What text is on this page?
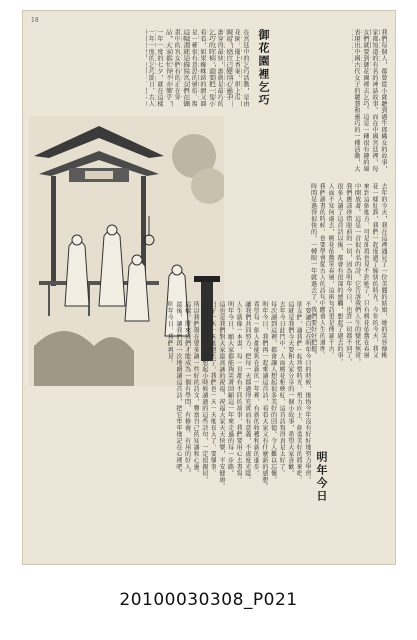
18
御花園裡乞巧	我們每個人，都曾從小就聽到過牛郎織女的故事，
家都知道的有名的神話故事。而在中國宮廷裡，每
女們就要到御花園裡去乞巧。這是一種很有趣的風
表現出中國古代女子的聰慧和靈巧的一種活動，大
在宮廷中的乞巧活動，是由
花園，擺上香案，供上瓜
賜福，使自己變得心靈手
誰穿得最快，誰就是最巧的
乞巧的時候，還要把一隻小
看看，如果蜘蛛結的網又圓
是一種很有意思的風俗。現
這幅畫就是描寫宮女們在御
畫中的宮女們有的正在穿
品，大家都忙得不亦樂乎，
一年一度的七夕，就在這樣
一年一度的乞巧節日，古人
明年今日
去年的今天，我在這裡遇見了一位美麗的姑娘，她的笑容像桃
花一樣紅潤，我們一起度過了愉快的時光。今年的今天，我又
來到這個地方，可是卻再也見不到她了，只有桃花依舊在春風
中開放著。這是一首很有名的詩，它告訴我們人生的變化無常。
我們應該珍惜眼前的一切，因為明年今日，也許一切都不同了。
很多人讀了這首詩以後，都會有很深的感觸，想起了過去的事。
人面不知何處去，桃花依舊笑春風，這兩句詩更是傳誦千古。
我們讀書的時候，也要學會從古人的詩句中體會人生的道理。
時間是過得很快的，一轉眼一年就過去了，我們要好好把握。
不要讓自己在明年今日的時候，後悔今年沒有好好地努力學習。
朋友們，讓我們一起珍惜時光，努力向上，創造美好的將來吧。
這就是我們今天要和大家分享的一個小故事，希望大家喜歡。
去年今日此門中，人面桃花相映紅，這首詩寫得真是太好了。
每次讀到這裡，都會讓人想起很多美好的回憶，令人難以忘懷。
明年今日，我們再一起來讀這首詩，看看大家又有什麼新的感想。
希望每一個人都能夠在新的一年裡，有新的收穫和新的進步。
讓我們共同努力，把每一天都過得充實而有意義，不虛度光陰。
人生就像一本書，每一頁都有不同的故事，我們要用心去書寫。
明年今日，願大家都能夠笑著回顧這一年來走過的每一步路。
這也是我們對大家最真誠的祝福，祝福大家天天快樂，平安健康。
日子一天一天地過去了，我們也一天一天地長大了，要懂事。
當我們長大以後，回想起小時候讀過的這些詩句，一定很親切。
所以我們現在要多讀一些好的詩文，豐富自己的知識和心靈。
這樣，將來我們才能成為一個有學問、有修養、有用的好人。
最後，讓我們再一次地朗讀這首詩，把它牢牢地記在心裡吧。
明年今日，我們再見。
20100030308_P021
